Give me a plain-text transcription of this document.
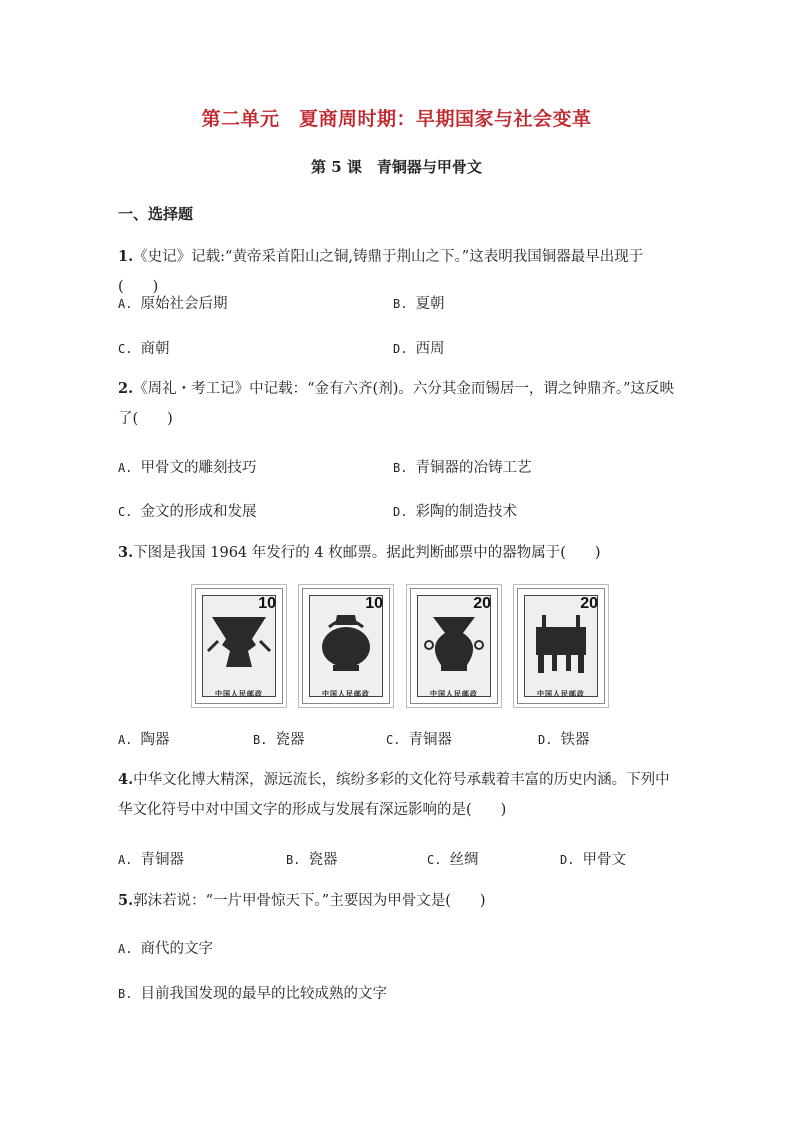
第二单元　夏商周时期：早期国家与社会变革
第 5 课　青铜器与甲骨文
一、选择题
1.《史记》记载:“黄帝采首阳山之铜,铸鼎于荆山之下。”这表明我国铜器最早出现于(　　)
A. 原始社会后期	B. 夏朝
C. 商朝	D. 西周
2.《周礼・考工记》中记载：“金有六齐(剂)。六分其金而锡居一，谓之钟鼎齐。”这反映了(　　)
A. 甲骨文的雕刻技巧	B. 青铜器的冶铸工艺
C. 金文的形成和发展	D. 彩陶的制造技术
3.下图是我国 1964 年发行的 4 枚邮票。据此判断邮票中的器物属于(　　)
10
中国人民邮政
10
中国人民邮政
20
中国人民邮政
20
中国人民邮政
A. 陶器	B. 瓷器	C. 青铜器	D. 铁器
4.中华文化博大精深，源远流长，缤纷多彩的文化符号承载着丰富的历史内涵。下列中华文化符号中对中国文字的形成与发展有深远影响的是(　　)
A. 青铜器	B. 瓷器	C. 丝绸	D. 甲骨文
5.郭沫若说：“一片甲骨惊天下。”主要因为甲骨文是(　　)
A. 商代的文字
B. 目前我国发现的最早的比较成熟的文字
